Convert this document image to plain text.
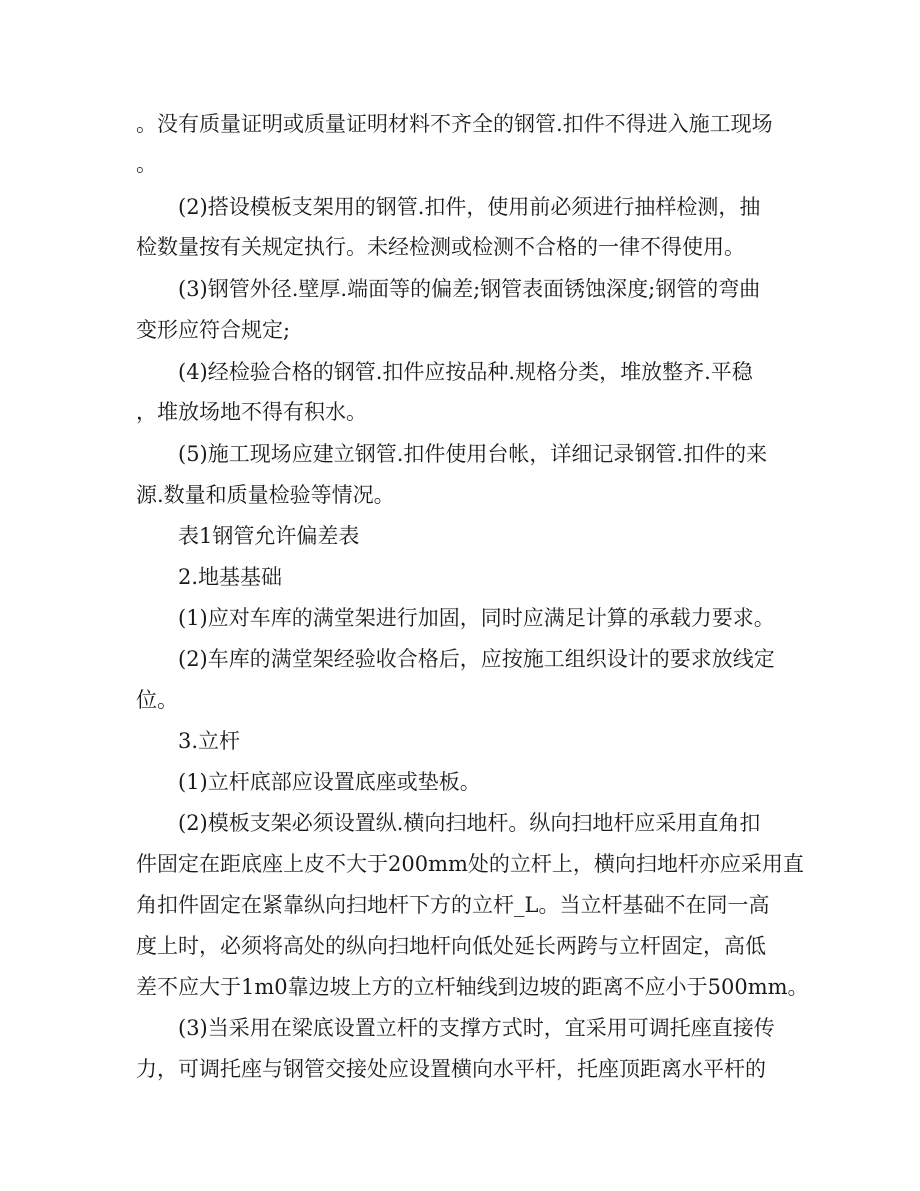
。没有质量证明或质量证明材料不齐全的钢管.扣件不得进入施工现场
。
(2)搭设模板支架用的钢管.扣件，使用前必须进行抽样检测，抽
检数量按有关规定执行。未经检测或检测不合格的一律不得使用。
(3)钢管外径.壁厚.端面等的偏差;钢管表面锈蚀深度;钢管的弯曲
变形应符合规定;
(4)经检验合格的钢管.扣件应按品种.规格分类，堆放整齐.平稳
，堆放场地不得有积水。
(5)施工现场应建立钢管.扣件使用台帐，详细记录钢管.扣件的来
源.数量和质量检验等情况。
表1钢管允许偏差表
2.地基基础
(1)应对车库的满堂架进行加固，同时应满足计算的承载力要求。
(2)车库的满堂架经验收合格后，应按施工组织设计的要求放线定
位。
3.立杆
(1)立杆底部应设置底座或垫板。
(2)模板支架必须设置纵.横向扫地杆。纵向扫地杆应采用直角扣
件固定在距底座上皮不大于200mm处的立杆上，横向扫地杆亦应采用直
角扣件固定在紧靠纵向扫地杆下方的立杆_L。当立杆基础不在同一高
度上时，必须将高处的纵向扫地杆向低处延长两跨与立杆固定，高低
差不应大于1m0靠边坡上方的立杆轴线到边坡的距离不应小于500mm。
(3)当采用在梁底设置立杆的支撑方式时，宜采用可调托座直接传
力，可调托座与钢管交接处应设置横向水平杆，托座顶距离水平杆的
